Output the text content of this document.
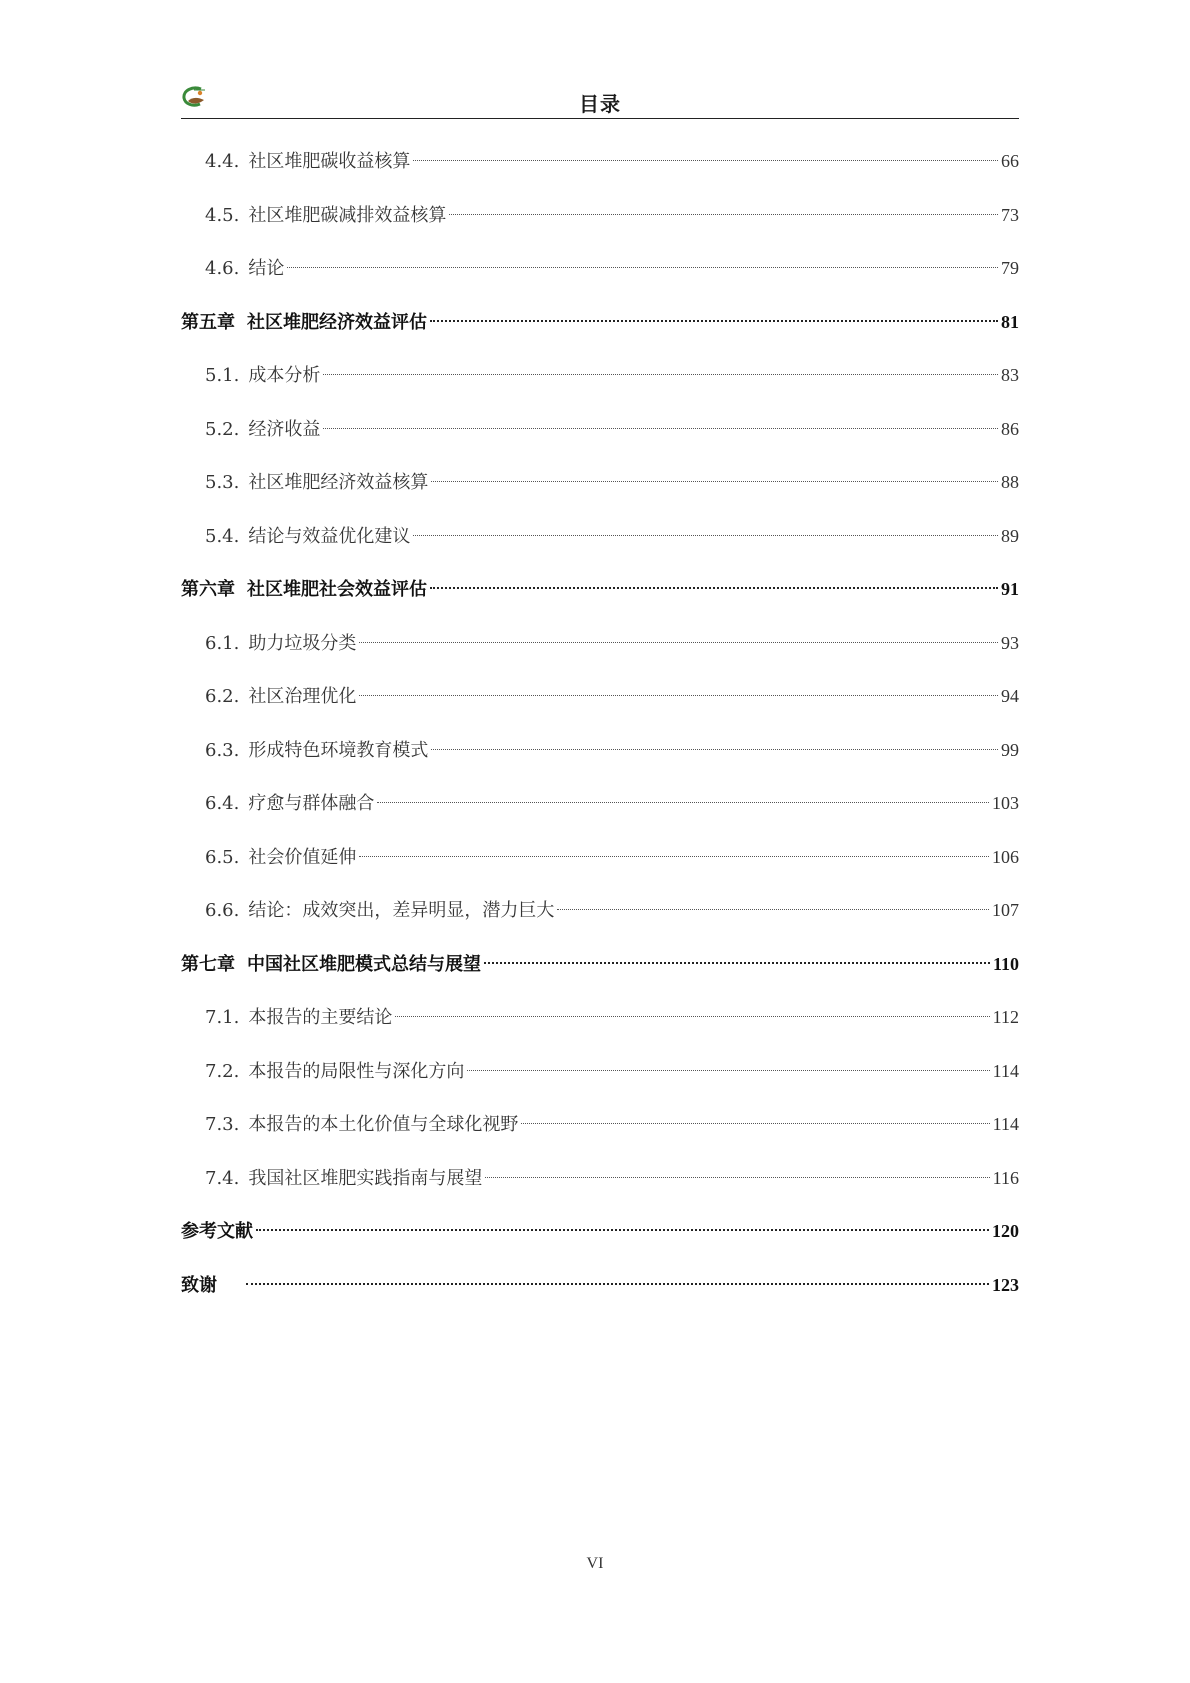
目录
4.4. 社区堆肥碳收益核算	66
4.5. 社区堆肥碳减排效益核算	73
4.6. 结论	79
第五章 社区堆肥经济效益评估	81
5.1. 成本分析	83
5.2. 经济收益	86
5.3. 社区堆肥经济效益核算	88
5.4. 结论与效益优化建议	89
第六章 社区堆肥社会效益评估	91
6.1. 助力垃圾分类	93
6.2. 社区治理优化	94
6.3. 形成特色环境教育模式	99
6.4. 疗愈与群体融合	103
6.5. 社会价值延伸	106
6.6. 结论：成效突出，差异明显，潜力巨大	107
第七章 中国社区堆肥模式总结与展望	110
7.1. 本报告的主要结论	112
7.2. 本报告的局限性与深化方向	114
7.3. 本报告的本土化价值与全球化视野	114
7.4. 我国社区堆肥实践指南与展望	116
参考文献	120
致谢	123
VI
